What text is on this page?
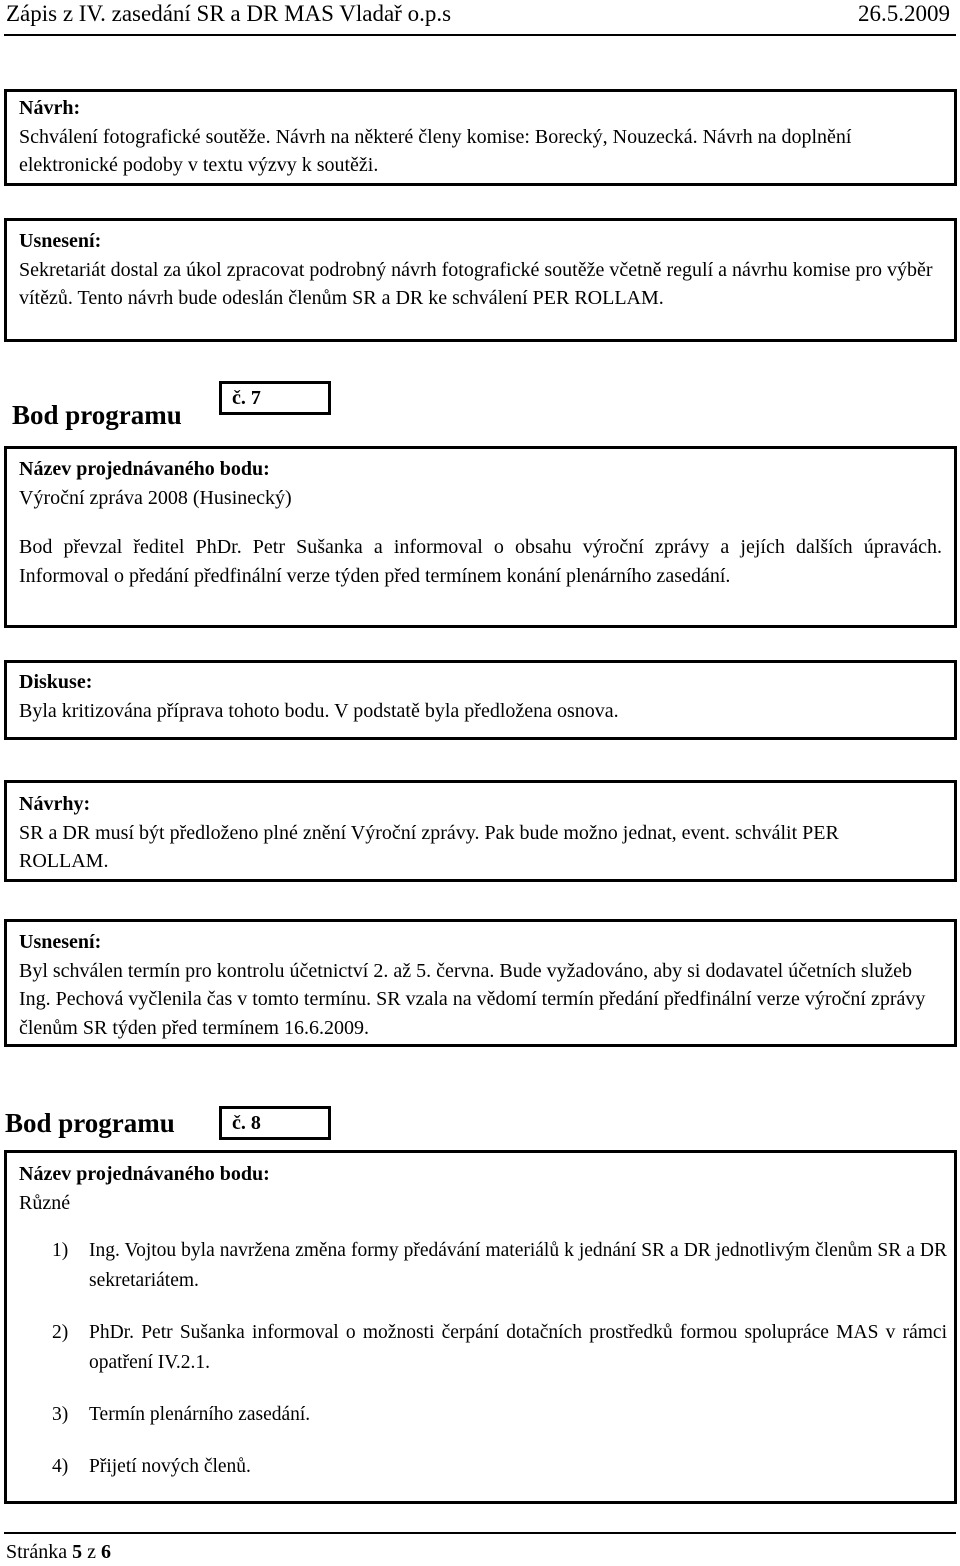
Zápis z IV. zasedání SR a DR MAS Vladař o.p.s	26.5.2009
Návrh:
Schválení fotografické soutěže. Návrh na některé členy komise: Borecký, Nouzecká. Návrh na doplnění elektronické podoby v textu výzvy k soutěži.
Usnesení:
Sekretariát dostal za úkol zpracovat podrobný návrh fotografické soutěže včetně regulí a návrhu komise pro výběr vítězů. Tento návrh bude odeslán členům SR a DR ke schválení PER ROLLAM.
Bod programu
č. 7
Název projednávaného bodu:
Výroční zpráva 2008 (Husinecký)
Bod převzal ředitel PhDr. Petr Sušanka a informoval o obsahu výroční zprávy a jejích dalších úpravách. Informoval o předání předfinální verze týden před termínem konání plenárního zasedání.
Diskuse:
Byla kritizována příprava tohoto bodu. V podstatě byla předložena osnova.
Návrhy:
SR a DR musí být předloženo plné znění Výroční zprávy. Pak bude možno jednat, event. schválit PER ROLLAM.
Usnesení:
Byl schválen termín pro kontrolu účetnictví 2. až 5. června. Bude vyžadováno, aby si dodavatel účetních služeb Ing. Pechová vyčlenila čas v tomto termínu. SR vzala na vědomí termín předání předfinální verze výroční zprávy členům SR týden před termínem 16.6.2009.
Bod programu	č. 8
Název projednávaného bodu:
Různé
1) Ing. Vojtou byla navržena změna formy předávání materiálů k jednání SR a DR jednotlivým členům SR a DR sekretariátem.
2) PhDr. Petr Sušanka informoval o možnosti čerpání dotačních prostředků formou spolupráce MAS v rámci opatření IV.2.1.
3) Termín plenárního zasedání.
4) Přijetí nových členů.
Stránka 5 z 6
